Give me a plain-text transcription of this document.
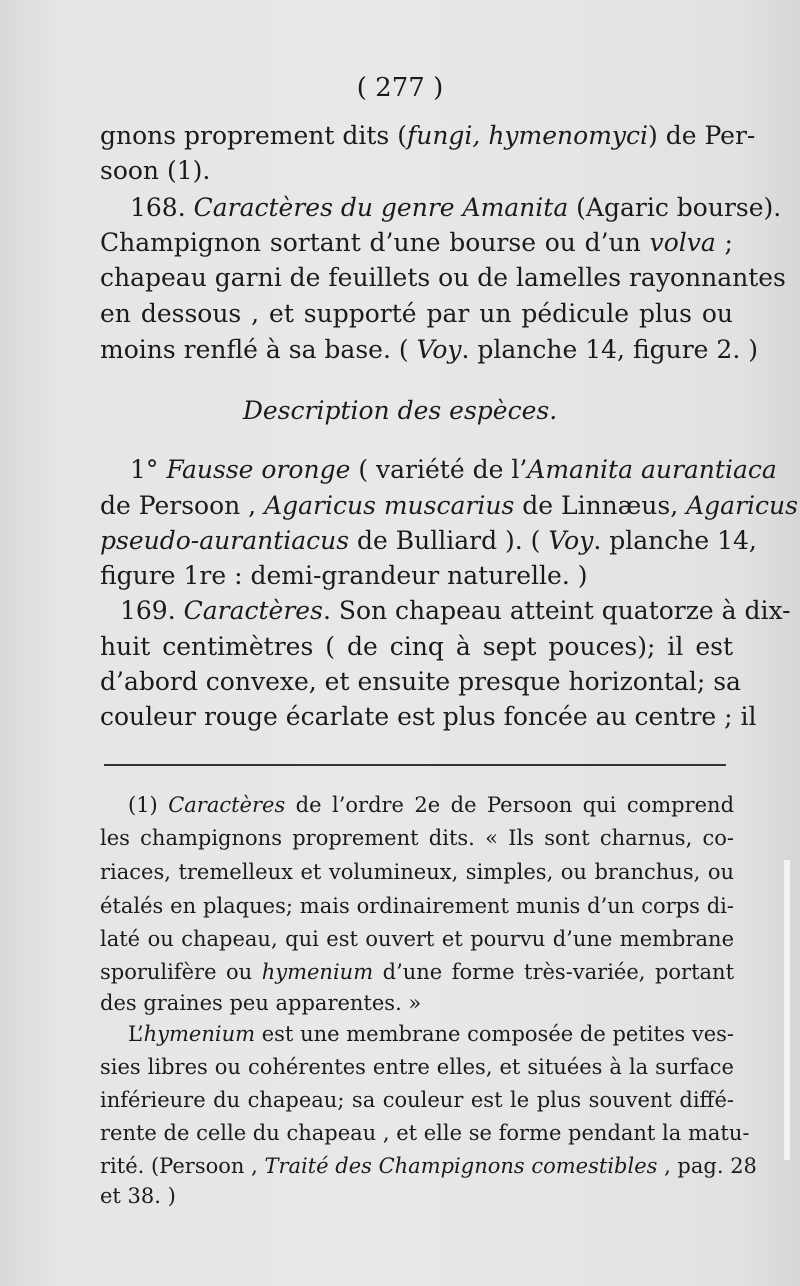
( 277 )
gnons proprement dits (fungi, hymenomyci) de Per-
soon (1).
168. Caractères du genre Amanita (Agaric bourse).
Champignon sortant d’une bourse ou d’un volva ;
chapeau garni de feuillets ou de lamelles rayonnantes
en dessous , et supporté par un pédicule plus ou
moins renflé à sa base. ( Voy. planche 14, figure 2. )
Description des espèces.
1° Fausse oronge ( variété de l’Amanita aurantiaca
de Persoon , Agaricus muscarius de Linnæus, Agaricus
pseudo-aurantiacus de Bulliard ). ( Voy. planche 14,
figure 1re : demi-grandeur naturelle. )
169. Caractères. Son chapeau atteint quatorze à dix-
huit centimètres ( de cinq à sept pouces); il est
d’abord convexe, et ensuite presque horizontal; sa
couleur rouge écarlate est plus foncée au centre ; il
(1) Caractères de l’ordre 2e de Persoon qui comprend
les champignons proprement dits. « Ils sont charnus, co-
riaces, tremelleux et volumineux, simples, ou branchus, ou
étalés en plaques; mais ordinairement munis d’un corps di-
laté ou chapeau, qui est ouvert et pourvu d’une membrane
sporulifère ou hymenium d’une forme très-variée, portant
des graines peu apparentes. »
L’hymenium est une membrane composée de petites ves-
sies libres ou cohérentes entre elles, et situées à la surface
inférieure du chapeau; sa couleur est le plus souvent diffé-
rente de celle du chapeau , et elle se forme pendant la matu-
rité. (Persoon , Traité des Champignons comestibles , pag. 28
et 38. )
